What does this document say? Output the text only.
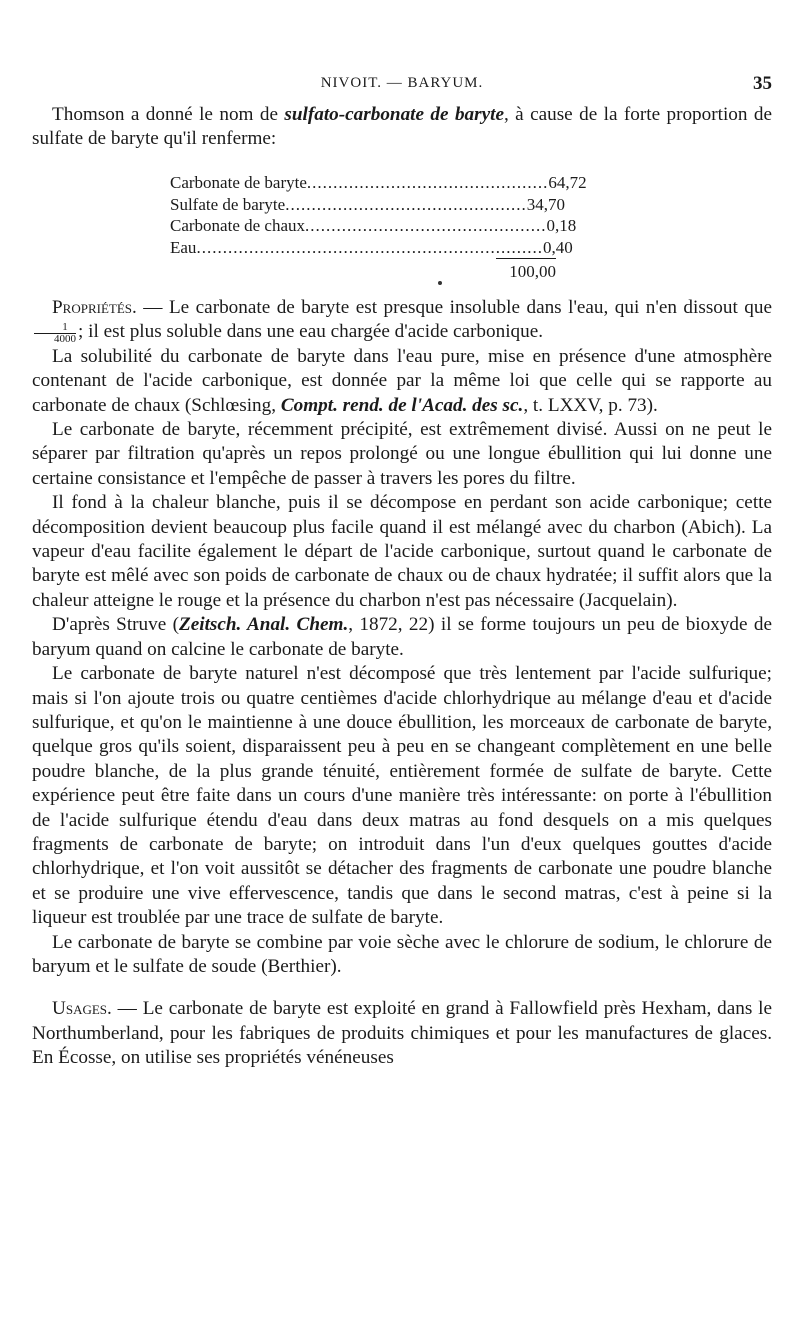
NIVOIT. — BARYUM.	35

Thomson a donné le nom de sulfato-carbonate de baryte, à cause de la forte proportion de sulfate de baryte qu'il renferme:

Carbonate de baryte .............................................. 64,72
Sulfate de baryte .............................................. 34,70
Carbonate de chaux .............................................. 0,18
Eau .................................................................. 0,40
100,00

Propriétés. — Le carbonate de baryte est presque insoluble dans l'eau, qui n'en dissout que
$\frac{1}{4000}$ ; il est plus soluble dans une eau chargée d'acide carbonique.

La solubilité du carbonate de baryte dans l'eau pure, mise en présence d'une atmosphère contenant de l'acide carbonique, est donnée par la même loi que celle qui se rapporte au carbonate de chaux (Schlœsing, Compt. rend. de l'Acad. des sc., t. LXXV, p. 73).

Le carbonate de baryte, récemment précipité, est extrêmement divisé. Aussi on ne peut le séparer par filtration qu'après un repos prolongé ou une longue ébullition qui lui donne une certaine consistance et l'empêche de passer à travers les pores du filtre.

Il fond à la chaleur blanche, puis il se décompose en perdant son acide carbonique; cette décomposition devient beaucoup plus facile quand il est mélangé avec du charbon (Abich). La vapeur d'eau facilite également le départ de l'acide carbonique, surtout quand le carbonate de baryte est mêlé avec son poids de carbonate de chaux ou de chaux hydratée; il suffit alors que la chaleur atteigne le rouge et la présence du charbon n'est pas nécessaire (Jacquelain).

D'après Struve (Zeitsch. Anal. Chem., 1872, 22) il se forme toujours un peu de bioxyde de baryum quand on calcine le carbonate de baryte.

Le carbonate de baryte naturel n'est décomposé que très lentement par l'acide sulfurique; mais si l'on ajoute trois ou quatre centièmes d'acide chlorhydrique au mélange d'eau et d'acide sulfurique, et qu'on le maintienne à une douce ébullition, les morceaux de carbonate de baryte, quelque gros qu'ils soient, disparaissent peu à peu en se changeant complètement en une belle poudre blanche, de la plus grande ténuité, entièrement formée de sulfate de baryte. Cette expérience peut être faite dans un cours d'une manière très intéressante: on porte à l'ébullition de l'acide sulfurique étendu d'eau dans deux matras au fond desquels on a mis quelques fragments de carbonate de baryte; on introduit dans l'un d'eux quelques gouttes d'acide chlorhydrique, et l'on voit aussitôt se détacher des fragments de carbonate une poudre blanche et se produire une vive effervescence, tandis que dans le second matras, c'est à peine si la liqueur est troublée par une trace de sulfate de baryte.

Le carbonate de baryte se combine par voie sèche avec le chlorure de sodium, le chlorure de baryum et le sulfate de soude (Berthier).

Usages. — Le carbonate de baryte est exploité en grand à Fallowfield près Hexham, dans le Northumberland, pour les fabriques de produits chimiques et pour les manufactures de glaces. En Écosse, on utilise ses propriétés vénéneuses
